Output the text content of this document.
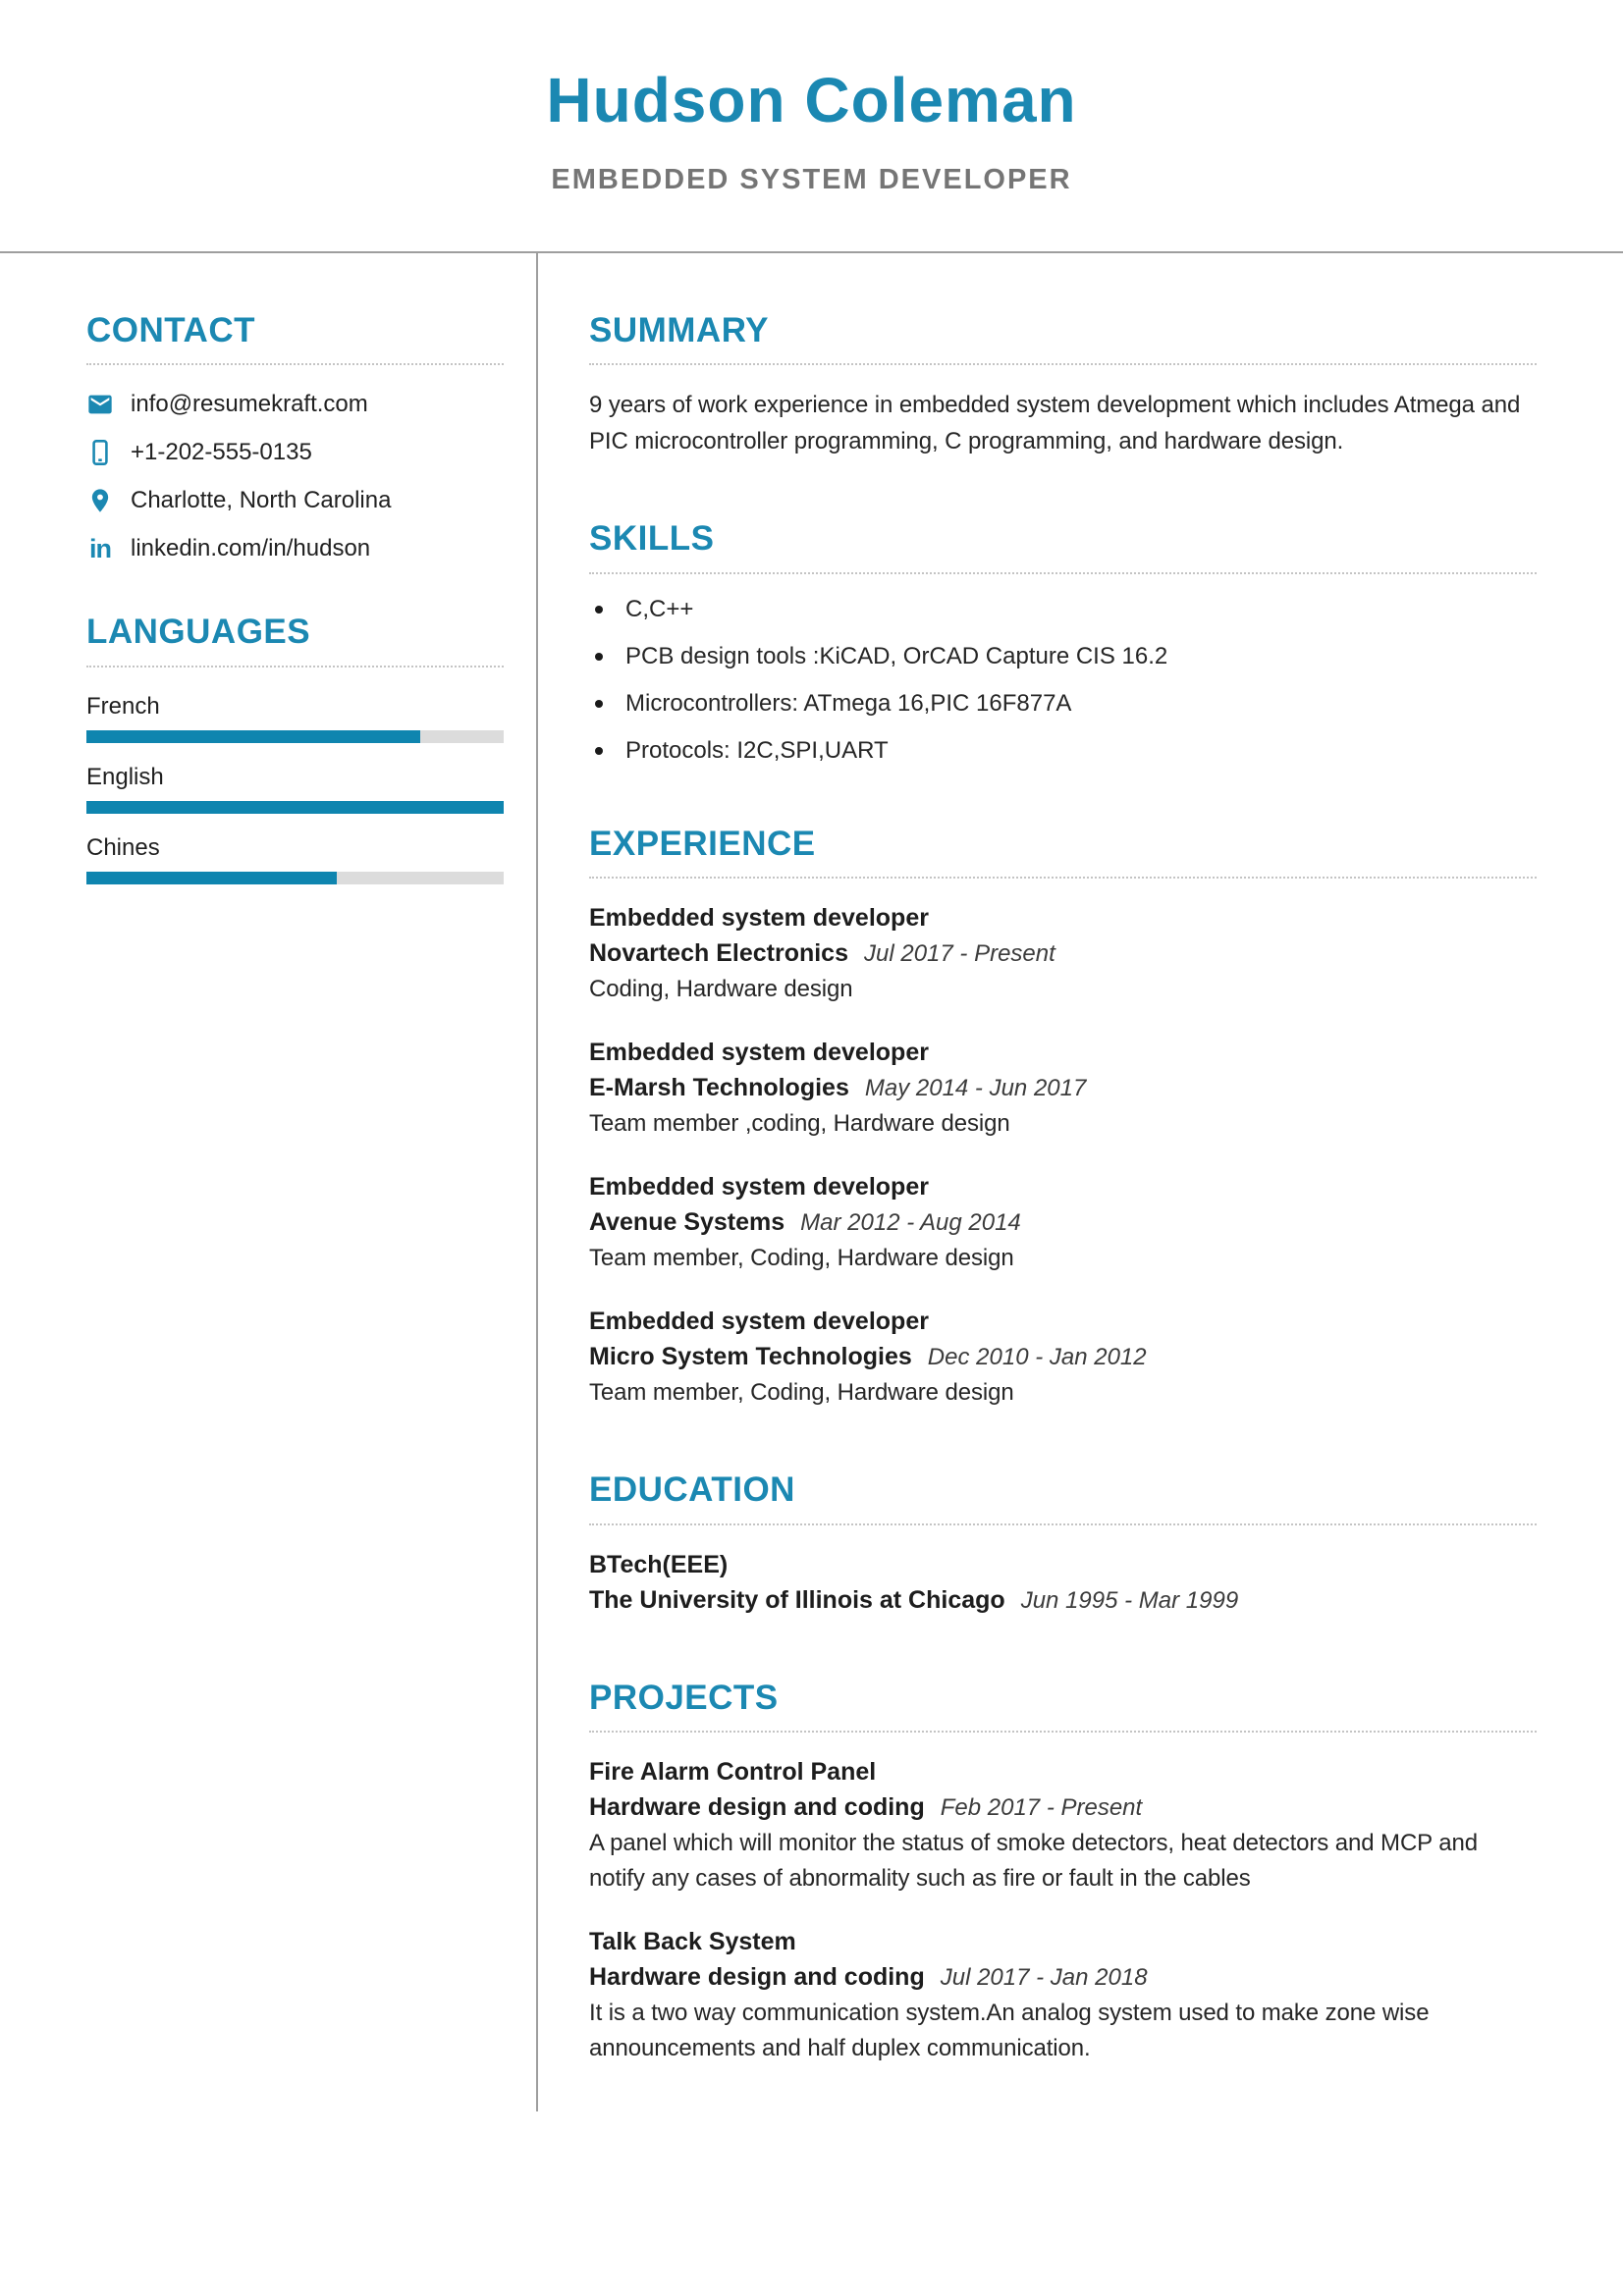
Hudson Coleman
EMBEDDED SYSTEM DEVELOPER
CONTACT
info@resumekraft.com
+1-202-555-0135
Charlotte, North Carolina
in linkedin.com/in/hudson
LANGUAGES
French
English
Chines
SUMMARY
9 years of work experience in embedded system development which includes Atmega and PIC microcontroller programming, C programming, and hardware design.
SKILLS
C,C++
PCB design tools :KiCAD, OrCAD Capture CIS 16.2
Microcontrollers: ATmega 16,PIC 16F877A
Protocols: I2C,SPI,UART
EXPERIENCE
Embedded system developer
Novartech Electronics Jul 2017 - Present
Coding, Hardware design
Embedded system developer
E-Marsh Technologies May 2014 - Jun 2017
Team member ,coding, Hardware design
Embedded system developer
Avenue Systems Mar 2012 - Aug 2014
Team member, Coding, Hardware design
Embedded system developer
Micro System Technologies Dec 2010 - Jan 2012
Team member, Coding, Hardware design
EDUCATION
BTech(EEE)
The University of Illinois at Chicago Jun 1995 - Mar 1999
PROJECTS
Fire Alarm Control Panel
Hardware design and coding Feb 2017 - Present
A panel which will monitor the status of smoke detectors, heat detectors and MCP and notify any cases of abnormality such as fire or fault in the cables
Talk Back System
Hardware design and coding Jul 2017 - Jan 2018
It is a two way communication system.An analog system used to make zone wise announcements and half duplex communication.
